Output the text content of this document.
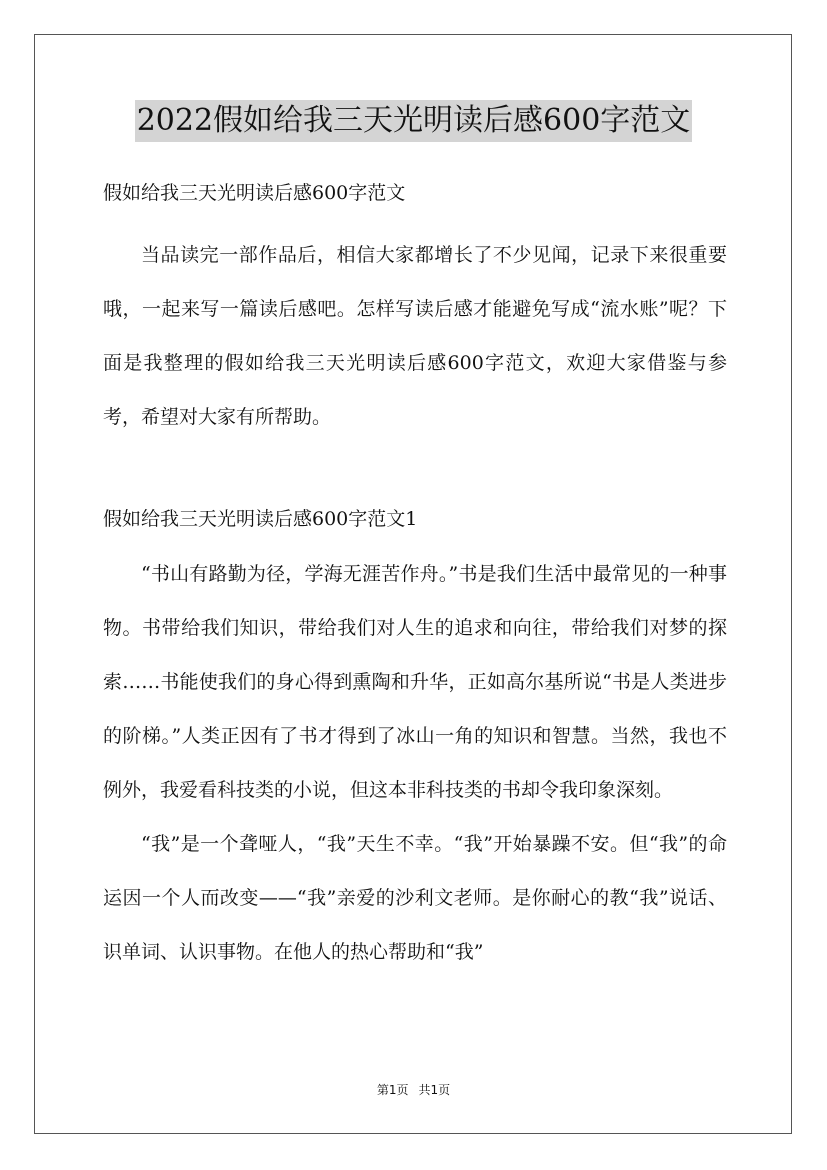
2022假如给我三天光明读后感600字范文

假如给我三天光明读后感600字范文

当品读完一部作品后，相信大家都增长了不少见闻，记录下来很重要哦，一起来写一篇读后感吧。怎样写读后感才能避免写成“流水账”呢？下面是我整理的假如给我三天光明读后感600字范文，欢迎大家借鉴与参考，希望对大家有所帮助。

假如给我三天光明读后感600字范文1

“书山有路勤为径，学海无涯苦作舟。”书是我们生活中最常见的一种事物。书带给我们知识，带给我们对人生的追求和向往，带给我们对梦的探索……书能使我们的身心得到熏陶和升华，正如高尔基所说“书是人类进步的阶梯。”人类正因有了书才得到了冰山一角的知识和智慧。当然，我也不例外，我爱看科技类的小说，但这本非科技类的书却令我印象深刻。

“我”是一个聋哑人，“我”天生不幸。“我”开始暴躁不安。但“我”的命运因一个人而改变——“我”亲爱的沙利文老师。是你耐心的教“我”说话、识单词、认识事物。在他人的热心帮助和“我”

第1页 共1页
